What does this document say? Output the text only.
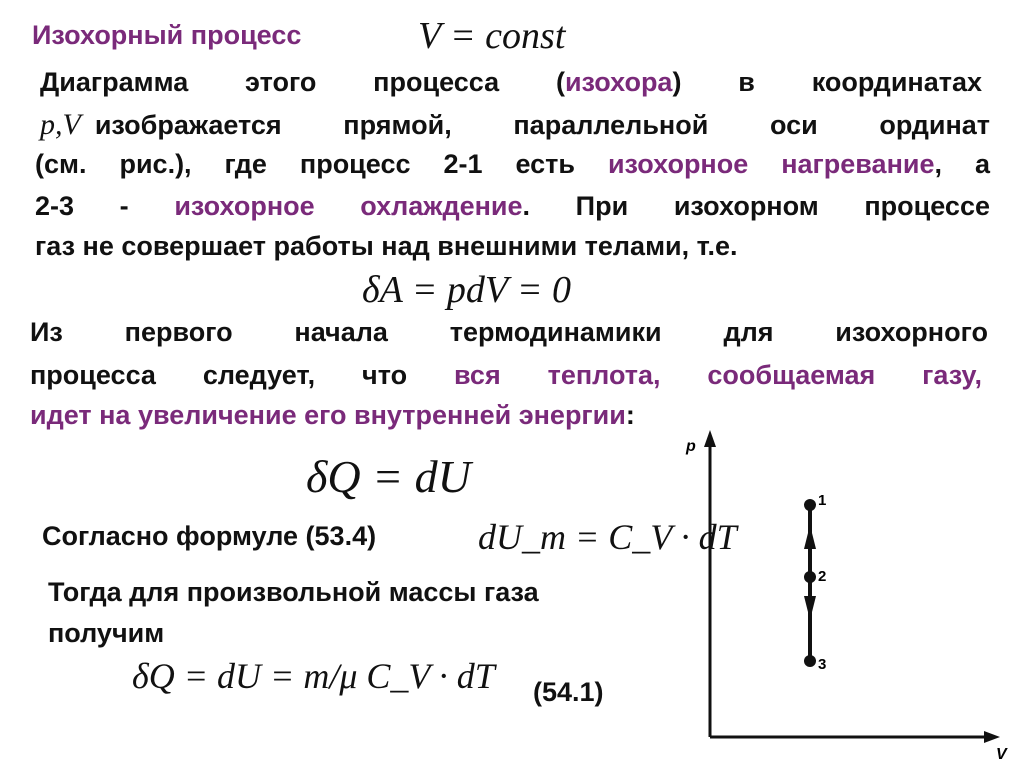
Изохорный процесс	V = const
Диаграмма этого процесса (изохора) в координатах
p,V изображается прямой, параллельной оси ординат
(см. рис.), где процесс 2-1 есть изохорное нагревание, а
2-3 - изохорное охлаждение. При изохорном процессе
газ не совершает работы над внешними телами, т.е.
δA = pdV = 0
Из первого начала термодинамики для изохорного
процесса следует, что вся теплота, сообщаемая газу,
идет на увеличение его внутренней энергии:
δQ = dU
Согласно формуле (53.4)	dU_m = C_V · dT
Тогда для произвольной массы газа
получим
δQ = dU = m/μ C_V · dT (54.1)
p
V
1
2
3
